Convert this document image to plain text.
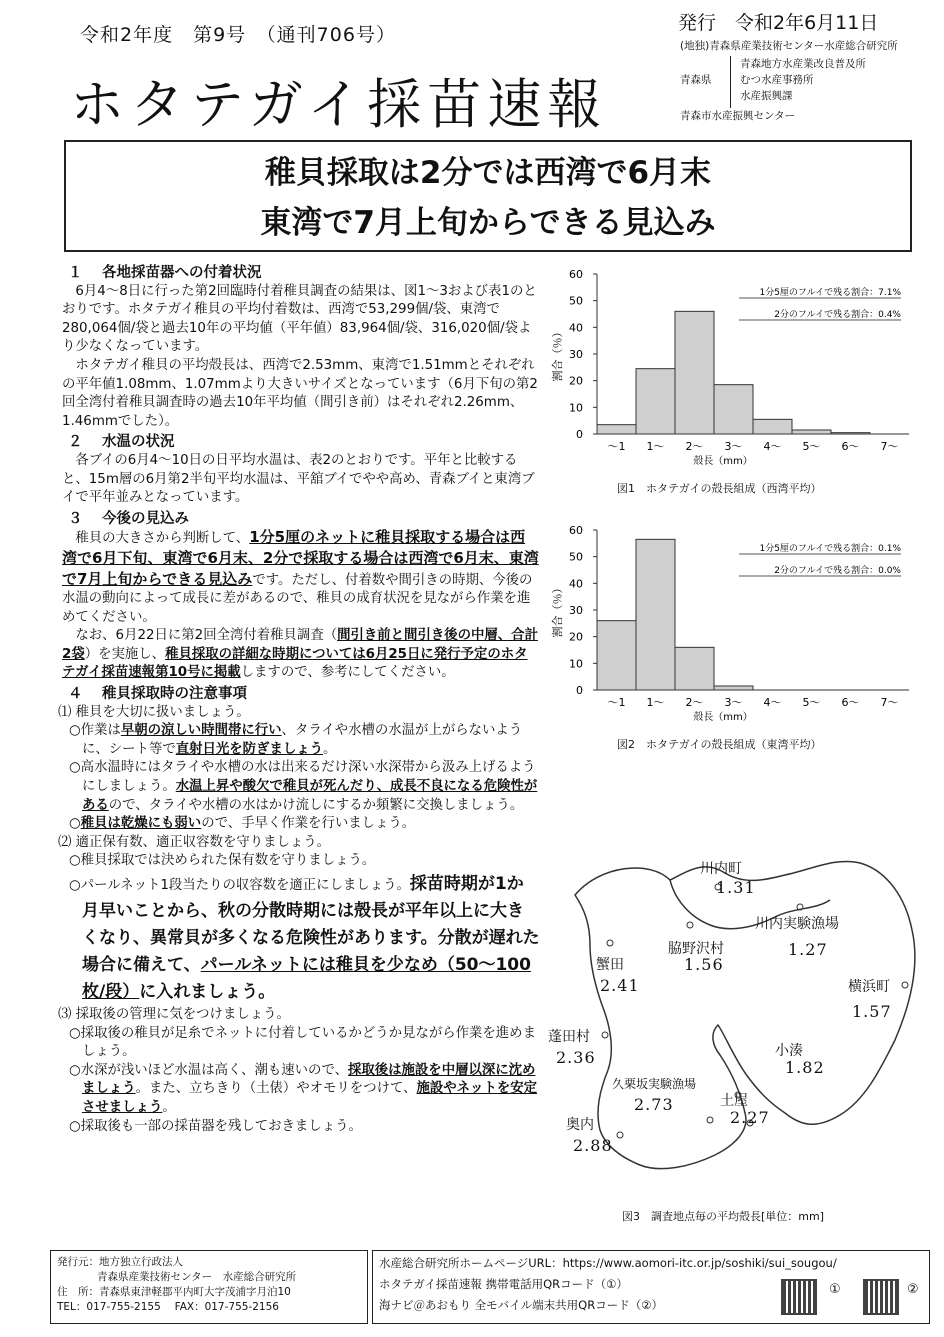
令和2年度　第9号　（通刊706号）
ホタテガイ採苗速報
発行　令和2年6月11日
(地独)青森県産業技術センター水産総合研究所
青森県
青森地方水産業改良普及所
むつ水産事務所
水産振興課
青森市水産振興センター
稚貝採取は2分では西湾で6月末
東湾で7月上旬からできる見込み
１ 各地採苗器への付着状況

6月4～8日に行った第2回臨時付着稚貝調査の結果は、図1～3および表1のとおりです。ホタテガイ稚貝の平均付着数は、西湾で53,299個/袋、東湾で280,064個/袋と過去10年の平均値（平年値）83,964個/袋、316,020個/袋より少なくなっています。

ホタテガイ稚貝の平均殻長は、西湾で2.53mm、東湾で1.51mmとそれぞれの平年値1.08mm、1.07mmより大きいサイズとなっています（6月下旬の第2回全湾付着稚貝調査時の過去10年平均値（間引き前）はそれぞれ2.26mm、1.46mmでした）。

２ 水温の状況

各ブイの6月4～10日の日平均水温は、表2のとおりです。平年と比較すると、15m層の6月第2半旬平均水温は、平舘ブイでやや高め、青森ブイと東湾ブイで平年並みとなっています。

３ 今後の見込み

稚貝の大きさから判断して、1分5厘のネットに稚貝採取する場合は西湾で6月下旬、東湾で6月末、2分で採取する場合は西湾で6月末、東湾で7月上旬からできる見込みです。ただし、付着数や間引きの時期、今後の水温の動向によって成長に差があるので、稚貝の成育状況を見ながら作業を進めてください。

なお、6月22日に第2回全湾付着稚貝調査（間引き前と間引き後の中層、合計2袋）を実施し、稚貝採取の詳細な時期については6月25日に発行予定のホタテガイ採苗速報第10号に掲載しますので、参考にしてください。

４ 稚貝採取時の注意事項
⑴ 稚貝を大切に扱いましょう。

○作業は早朝の涼しい時間帯に行い、タライや水槽の水温が上がらないように、シート等で直射日光を防ぎましょう。

○高水温時にはタライや水槽の水は出来るだけ深い水深帯から汲み上げるようにしましょう。水温上昇や酸欠で稚貝が死んだり、成長不良になる危険性があるので、タライや水槽の水はかけ流しにするか頻繁に交換しましょう。

○稚貝は乾燥にも弱いので、手早く作業を行いましょう。

⑵ 適正保有数、適正収容数を守りましょう。

○稚貝採取では決められた保有数を守りましょう。

○パールネット1段当たりの収容数を適正にしましょう。採苗時期が1か月早いことから、秋の分散時期には殻長が平年以上に大きくなり、異常貝が多くなる危険性があります。分散が遅れた場合に備えて、パールネットには稚貝を少なめ（50～100枚/段）に入れましょう。

⑶ 採取後の管理に気をつけましょう。

○採取後の稚貝が足糸でネットに付着しているかどうか見ながら作業を進めましょう。

○水深が浅いほど水温は高く、潮も速いので、採取後は施設を中層以深に沈めましょう。また、立ちきり（土俵）やオモリをつけて、施設やネットを安定させましょう。

○採取後も一部の採苗器を残しておきましょう。

0
10
20
30
40
50
60
～1 1～ 2～ 3～ 4～ 5～ 6～ 7～
殻長（mm）
割合（％）
1分5厘のフルイで残る割合：7.1%
2分のフルイで残る割合：0.4%
図1　ホタテガイの殻長組成（西湾平均）
0
10
20
30
40
50
60
～1 1～ 2～ 3～ 4～ 5～ 6～ 7～
殻長（mm）
割合（％）
1分5厘のフルイで残る割合：0.1%
2分のフルイで残る割合：0.0%
図2　ホタテガイの殻長組成（東湾平均）
川内町
1.31
川内実験漁場
1.27
脇野沢村
1.56
蟹田
2.41	横浜町
1.57
蓬田村
2.36	小湊
1.82
久栗坂実験漁場
2.73	土屋
2.27
奥内
2.88
図3　調査地点毎の平均殻長[単位：mm]
発行元：地方独立行政法人
青森県産業技術センター　水産総合研究所
住　所：青森県東津軽郡平内町大字茂浦字月泊10
TEL：017-755-2155　 FAX：017-755-2156
水産総合研究所ホームページURL：https://www.aomori-itc.or.jp/soshiki/sui_sougou/
ホタテガイ採苗速報 携帯電話用QRコード（①）
海ナビ＠あおもり 全モバイル端末共用QRコード（②）
①	②
